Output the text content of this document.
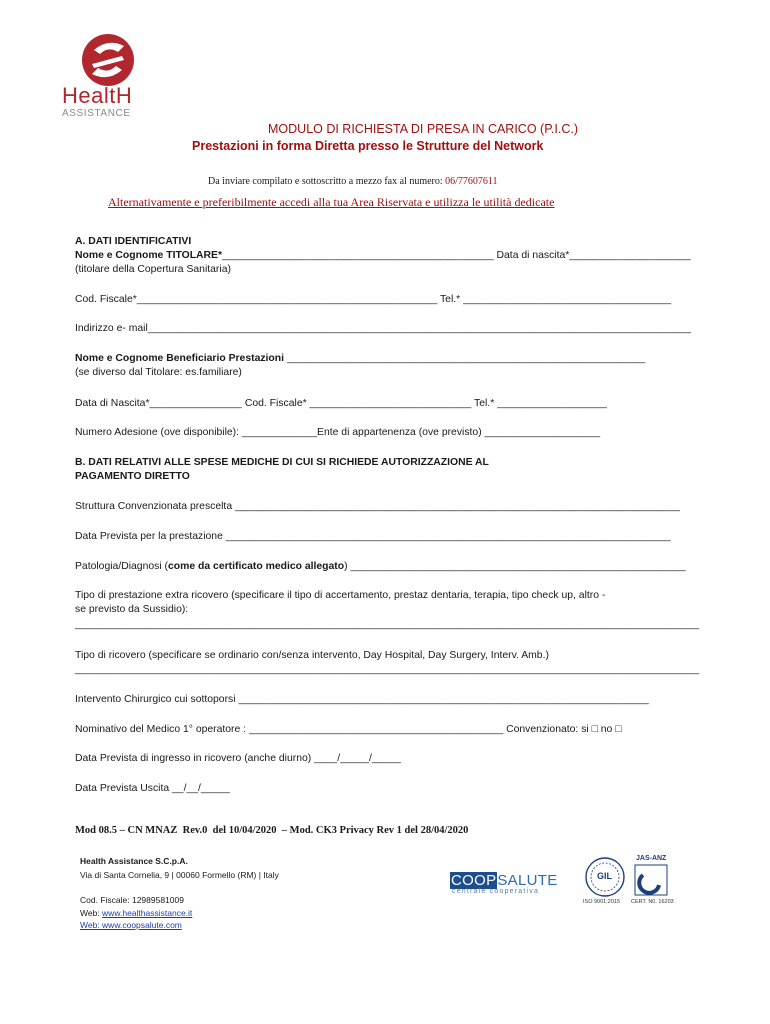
HealtH

ASSISTANCE

MODULO DI RICHIESTA DI PRESA IN CARICO (P.I.C.)
Prestazioni in forma Diretta presso le Strutture del Network
Da inviare compilato e sottoscritto a mezzo fax al numero: 06/77607611
Alternativamente e preferibilmente accedi alla tua Area Riservata e utilizza le utilità dedicate
A. DATI IDENTIFICATIVI
Nome e Cognome TITOLARE*_______________________________________________ Data di nascita*_____________________
(titolare della Copertura Sanitaria)
Cod. Fiscale*____________________________________________________ Tel.* ____________________________________
Indirizzo e- mail______________________________________________________________________________________________
Nome e Cognome Beneficiario Prestazioni ______________________________________________________________
(se diverso dal Titolare: es.familiare)
Data di Nascita*________________ Cod. Fiscale* ____________________________ Tel.* ___________________
Numero Adesione (ove disponibile): _____________Ente di appartenenza (ove previsto) ____________________
B. DATI RELATIVI ALLE SPESE MEDICHE DI CUI SI RICHIEDE AUTORIZZAZIONE AL
PAGAMENTO DIRETTO
Struttura Convenzionata prescelta _____________________________________________________________________________
Data Prevista per la prestazione _____________________________________________________________________________
Patologia/Diagnosi (come da certificato medico allegato) __________________________________________________________
Tipo di prestazione extra ricovero (specificare il tipo di accertamento, prestaz dentaria, terapia, tipo check up, altro -
se previsto da Sussidio):
____________________________________________________________________________________________________________
Tipo di ricovero (specificare se ordinario con/senza intervento, Day Hospital, Day Surgery, Interv. Amb.)
____________________________________________________________________________________________________________
Intervento Chirurgico cui sottoporsi _______________________________________________________________________
Nominativo del Medico 1° operatore : ____________________________________________ Convenzionato: si □ no □
Data Prevista di ingresso in ricovero (anche diurno) ____/_____/_____
Data Prevista Uscita __/__/_____
Mod 08.5 – CN MNAZ  Rev.0  del 10/04/2020  – Mod. CK3 Privacy Rev 1 del 28/04/2020
Health Assistance S.C.p.A.
Via di Santa Cornelia, 9 | 00060 Formello (RM) | Italy
Cod. Fiscale: 12989581009
Web: www.healthassistance.it
Web: www.coopsalute.com

COOPSALUTE

centrale cooperativa

GIL

JAS-ANZ

ISO 9001:2015

CERT. N0. 16203
